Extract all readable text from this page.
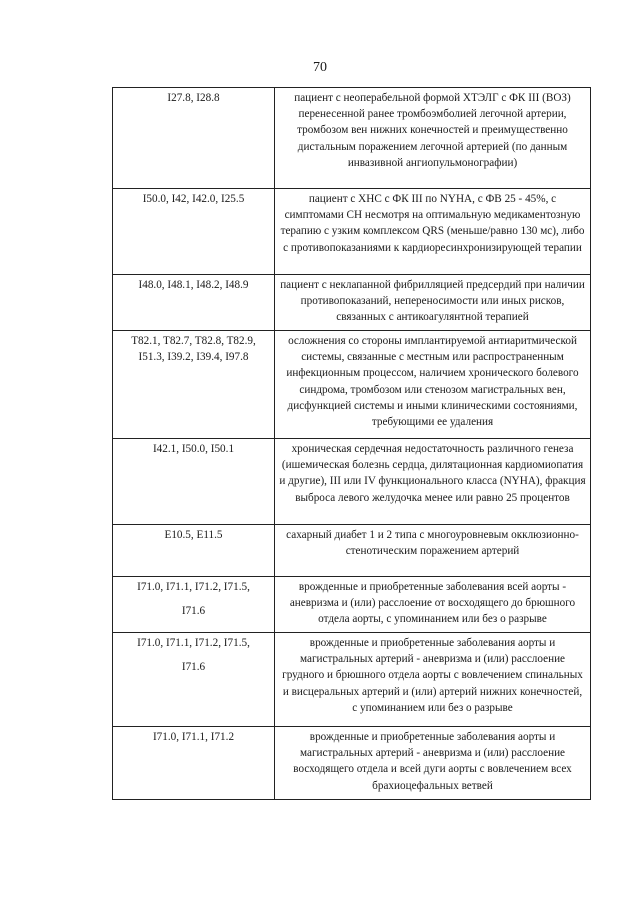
70
I27.8, I28.8	пациент с неоперабельной формой ХТЭЛГ с ФК III (ВОЗ) перенесенной ранее тромбоэмболией легочной артерии, тромбозом вен нижних конечностей и преимущественно дистальным поражением легочной артерией (по данным инвазивной ангиопульмонографии)

I50.0, I42, I42.0, I25.5	пациент с ХНС с ФК III по NYHA, с ФВ 25 - 45%, с симптомами СН несмотря на оптимальную медикаментозную терапию с узким комплексом QRS (меньше/равно 130 мс), либо с противопоказаниями к кардиоресинхронизирующей терапии

I48.0, I48.1, I48.2, I48.9	пациент с неклапанной фибрилляцией предсердий при наличии противопоказаний, непереносимости или иных рисков, связанных с антикоагулянтной терапией

T82.1, T82.7, T82.8, T82.9,
I51.3, I39.2, I39.4, I97.8	осложнения со стороны имплантируемой антиаритмической системы, связанные с местным или распространенным инфекционным процессом, наличием хронического болевого синдрома, тромбозом или стенозом магистральных вен, дисфункцией системы и иными клиническими состояниями, требующими ее удаления

I42.1, I50.0, I50.1	хроническая сердечная недостаточность различного генеза (ишемическая болезнь сердца, дилятационная кардиомиопатия и другие), III или IV функционального класса (NYHA), фракция выброса левого желудочка менее или равно 25 процентов

E10.5, E11.5	сахарный диабет 1 и 2 типа с многоуровневым окклюзионно-стенотическим поражением артерий

I71.0, I71.1, I71.2, I71.5,
I71.6	врожденные и приобретенные заболевания всей аорты - аневризма и (или) расслоение от восходящего до брюшного отдела аорты, с упоминанием или без о разрыве

I71.0, I71.1, I71.2, I71.5,
I71.6	врожденные и приобретенные заболевания аорты и магистральных артерий - аневризма и (или) расслоение грудного и брюшного отдела аорты с вовлечением спинальных и висцеральных артерий и (или) артерий нижних конечностей, с упоминанием или без о разрыве

I71.0, I71.1, I71.2	врожденные и приобретенные заболевания аорты и магистральных артерий - аневризма и (или) расслоение восходящего отдела и всей дуги аорты с вовлечением всех брахиоцефальных ветвей
